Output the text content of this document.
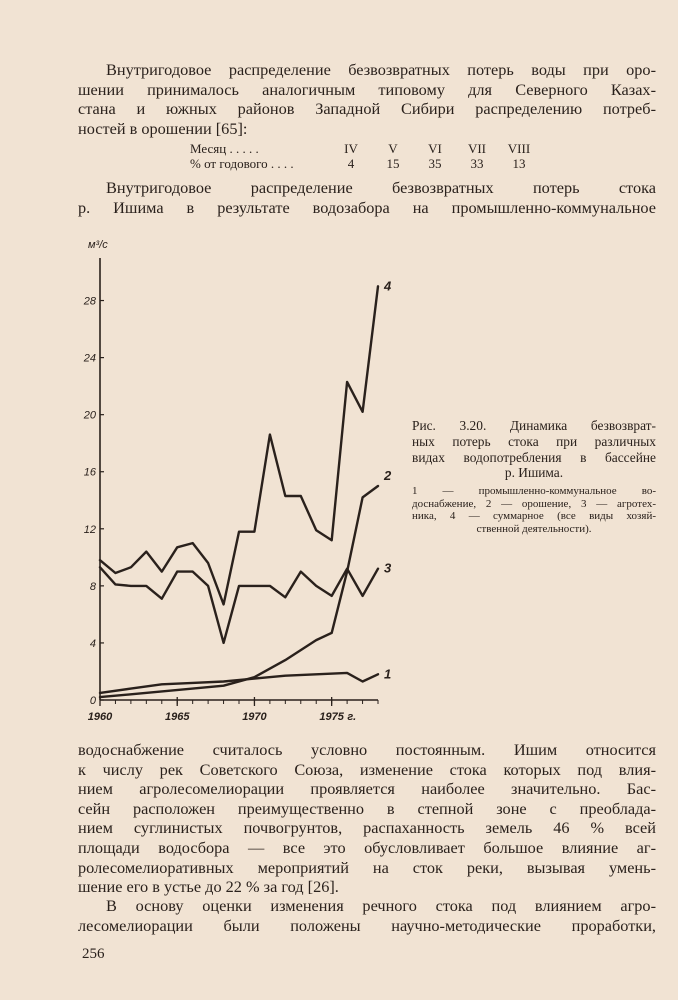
Внутригодовое распределение безвозвратных потерь воды при оро-
шении принималось аналогичным типовому для Северного Казах-
стана и южных районов Западной Сибири распределению потреб-
ностей в орошении [65]:

Месяц . . . . .	IV	V	VI	VII	VIII
% от годового . . . .	4	15	35	33	13

Внутригодовое распределение безвозвратных потерь стока
р. Ишима в результате водозабора на промышленно-коммунальное

м³/с
0
4
8
12
16
20
24
28
1960	1965	1970	1975 г.
1
2
3
4
Рис. 3.20. Динамика безвозврат-
ных потерь стока при различных
видах водопотребления в бассейне
р. Ишима.
1 — промышленно-коммунальное во-
доснабжение, 2 — орошение, 3 — агротех-
ника, 4 — суммарное (все виды хозяй-
ственной деятельности).

водоснабжение считалось условно постоянным. Ишим относится
к числу рек Советского Союза, изменение стока которых под влия-
нием агролесомелиорации проявляется наиболее значительно. Бас-
сейн расположен преимущественно в степной зоне с преоблада-
нием суглинистых почвогрунтов, распаханность земель 46 % всей
площади водосбора — все это обусловливает большое влияние аг-
ролесомелиоративных мероприятий на сток реки, вызывая умень-
шение его в устье до 22 % за год [26].

В основу оценки изменения речного стока под влиянием агро-
лесомелиорации были положены научно-методические проработки,

256
